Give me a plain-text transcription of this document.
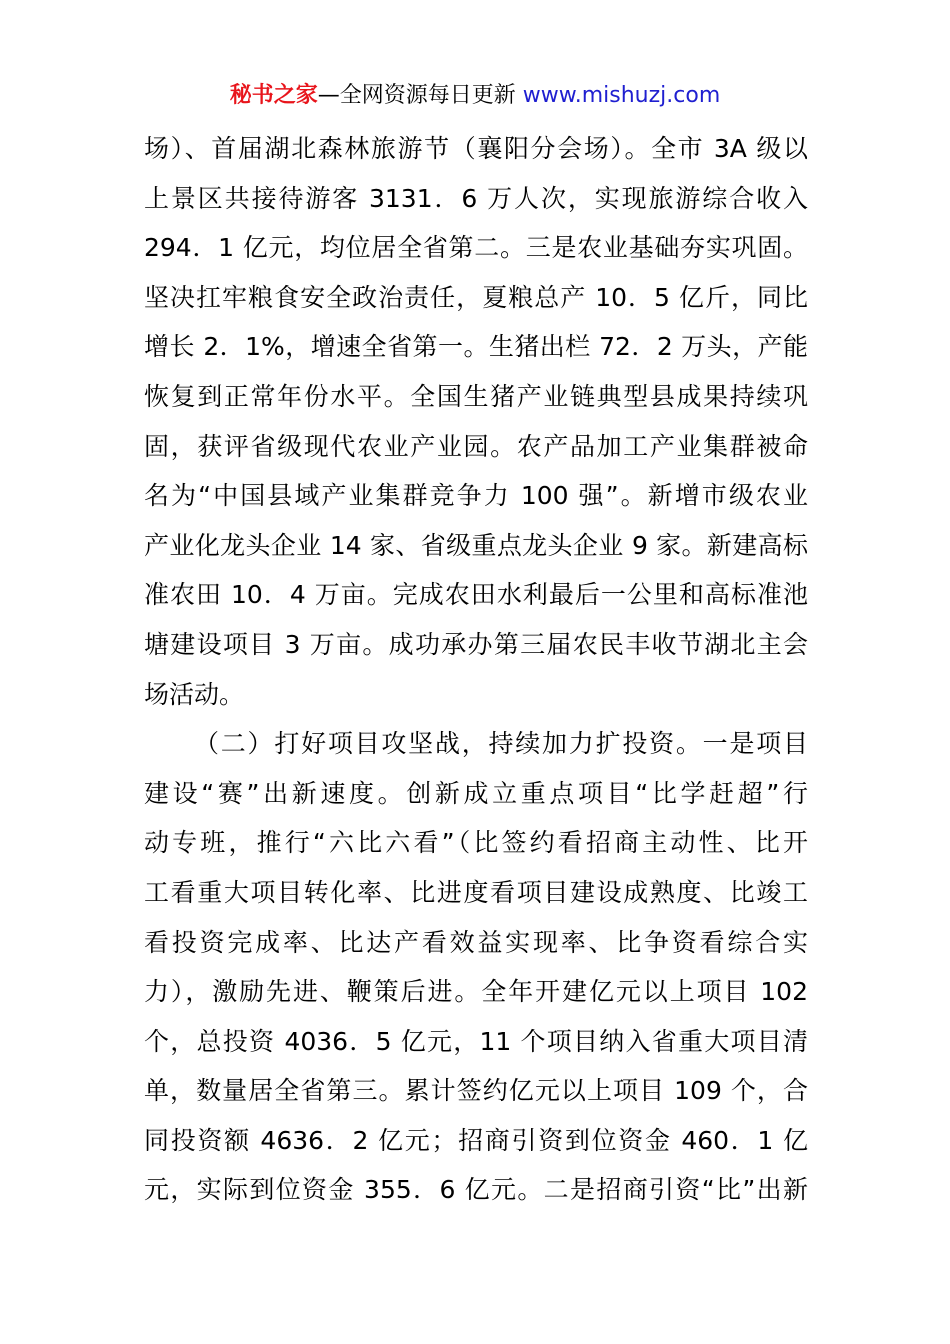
秘书之家—全网资源每日更新 www.mishuzj.com
场）、首届湖北森林旅游节（襄阳分会场）。全市 3A 级以
上景区共接待游客 3131．6 万人次，实现旅游综合收入
294．1 亿元，均位居全省第二。三是农业基础夯实巩固。
坚决扛牢粮食安全政治责任，夏粮总产 10．5 亿斤，同比
增长 2．1%，增速全省第一。生猪出栏 72．2 万头，产能
恢复到正常年份水平。全国生猪产业链典型县成果持续巩
固，获评省级现代农业产业园。农产品加工产业集群被命
名为“中国县域产业集群竞争力 100 强”。新增市级农业
产业化龙头企业 14 家、省级重点龙头企业 9 家。新建高标
准农田 10．4 万亩。完成农田水利最后一公里和高标准池
塘建设项目 3 万亩。成功承办第三届农民丰收节湖北主会
场活动。
（二）打好项目攻坚战，持续加力扩投资。一是项目
建设“赛”出新速度。创新成立重点项目“比学赶超”行
动专班，推行“六比六看”（比签约看招商主动性、比开
工看重大项目转化率、比进度看项目建设成熟度、比竣工
看投资完成率、比达产看效益实现率、比争资看综合实
力），激励先进、鞭策后进。全年开建亿元以上项目 102
个，总投资 4036．5 亿元，11 个项目纳入省重大项目清
单，数量居全省第三。累计签约亿元以上项目 109 个，合
同投资额 4636．2 亿元；招商引资到位资金 460．1 亿
元，实际到位资金 355．6 亿元。二是招商引资“比”出新
